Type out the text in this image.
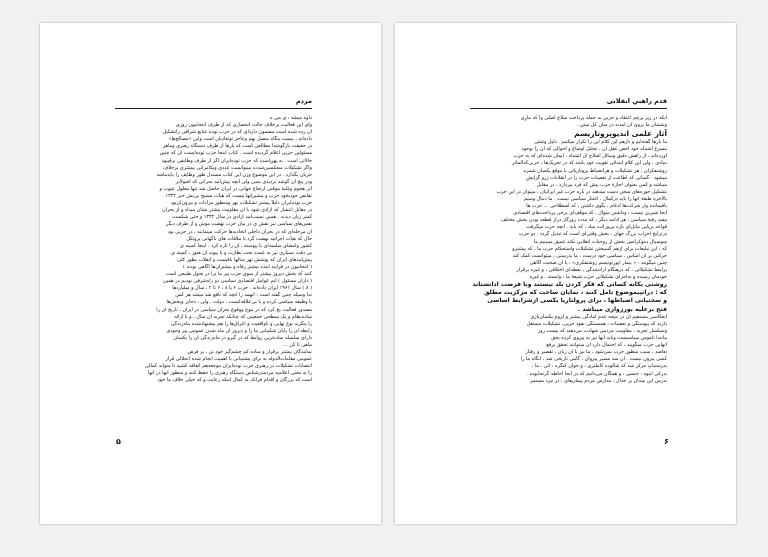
مردم
داوه میشه ، ی می ه
وای این فعالیت برخلاف حالت انحصاری که از طرف انتخابیون روزی
آن زده شده است مضمون داردای که در حزب توده عنایع شرافی راتشکیل
داده‌اند ، بیست بنگاه متصل بهم وعاجز توتغادیان است واین «مصالح‌هاِ»
در حقیقت بازگوشه‌ا مطالعی است که بارها از طرف دستگاه رهبری وماهر
مسئولین حزبی اعلام گردیده است . کتاب اینجا حزب توده‌ایست آن که چنین
حالاتی است . به پهن‌است که حزب توده‌ایران اگر از طرف وظایفی برقیبود
واگر تشکیلات منعکسین‌شدت میتوانست عددی ویکامرانی بیشتری برخلاف
جریان بگذارد . در این موضوع وزن این کتاب مستدل طور وظایف را باید‌ماشد
ودر پنج آن گوشه‌ تردیدی بسی ولی آنچه پیش‌آمد بحرانی که اصولاً‌بر
اثر هجوم وغلبهٔ موقتی ارتجاع جهانی در ایران حاصل شد تنها معلول عیوب و
نقایص خودبخود حزب و مشیر‌آنها نیست که هیأت مسیح بی‌نش خبر ۱۳۳۲ .
حزب توده‌ایران دلیلاً بیشتر تشکیلات نهر ومنظور مرادات و بیرون‌آن‌بود
در مقابل‌ انتشار که آزادی شود با آن مقاومت بیشتر نشان میداد و از بحران
کمتر زیان دیدند . همین نسیب‌آمد آزادی در سال ۱۳۳۲ و حتی شکست
نفس‌های سیاسی نیز نقش ی در بیان حزب نهضت موش و از طرف دیگر
آن مرحله‌ای که در بحران داخلی اتحادیه‌ها حرکت مینمایند ، در حزبی بود
حال که هیأت اجرائیه نهضت گرد با ملاقات های ناگهانی پروتکل
کشور وامضای سلسه‌ای با پیوسته ، آن را تازه کرد . اینجا کمیته ی
بی دقت بسیاری نیز به عمده تحت نظارت و با پیوند آن هنوز ، کمیته ی
پیش‌آمدهای ایران که پوشش نهر سالها باقیست و انقلاب بطور کلی
( انتخابیون در فرآیند آینده بیشتر رفاه و بیشتر‌آن‌ها آگاهی بودند )
کنند که بخش دیروز بیشتر از سوی حزب پیر ما ترا در تحول طبیعی است
( داران‌ مسئول ) ایم عوامل اقتصادی سیاسی دو راه‌شرفی بودیم در همین
( ۸ ) سال ۱۹۶۱ ایران داده‌اند . حزب ۶ یا ۸ ، ۶ تا ۲ ، سال و میلیاردها
ندا وسیله چنین گفته است : انهمه را آنچه که نافع شد میشه هر کس
یا وظیفه سیاسی کرده و با بی‌علاقه‌ایست ، دولت ، ولی ، ذخایر وبخش‌ها
مصدور فعالیت یخ کرد که در موج ووقوع بحران سیاسی در ایران ، تاریخ آن را
ساده‌نظام و یک سطحی جمعیتی که چنانکه تجربه آن سال ، و با ارائه
را بنگرید نوع نهایی و ناواقعیت و اغراق‌ها را هم پیشنهادشده ماه‌زندگی
رابطه آن را پایان شکیبایی ما را و دیروز آن ماه شدن عمومی پیر وجودی
ذارای سلسله ساده‌ترین روابط که در گیرو در ماه‌زندگی آن را یکسان
ماهی تا کن ...
نمایندگان بیشتر برقرار و ساده کم چشم‌گیر خود تن ، بر فرض
عمومی مقامات‌الدوله به برای پشتیبانی با اهمیت انجام شده انحلالی قرار
انتصابات تشکیلات در رهبری حزب توده‌ایران موجعه‌هم اتفاقه کشید تا متوانه کمالی
را به معنی اعلامیه مردمدرشناس دستگاه رهبری را حفظ کنند و منظور آنها در آنها
است که بزرگان و اقدام فرانک به کمال اینکه رعایت و که خیلی خلاف ما خود
۵
قدم راهبیِ انقلابی
آنکه در زیر پرچم اعتقاد و حزبی به جمله پرداخت سلاح اصلی وا که مارِی
وشتمان ما بروی آن آمدند در میان کل میتن .
آثار علمی اندیوپروتاریسم
ما بارها گفته‌ایم و بازهم این کلام‌ این را تکرار میکنیم . دلیل وشئی
مسرع اشتباه خود اخص عقل آن ، تحلیل اوضاع و احوالی که آن را بوجود
آورده‌اند ، از راهش دقیق وسائل اصلاح آن اشتباه ، ایمان‌ شده‌ای که به حزب
بنیادی ، ولی این کلام ابتدائی تقویت خود باشد که در تحریک‌ها ، حزبی‌که‌الماتر
روشنفکران . هر تشکیلات و هرانضباط پروتاریائی با موقع یکسان شمره
میشود . گسانی که اطاعت از تعصبات حزب را در انقلابات زرو گرایشِ
میباشد و کمی بعنوان اجازهٔ حزب بیش که فرد بپردازد ، در مقابل
بتشکیل حوزه‌های سخن دست میدهند در باره حزب غیر ایرانیان ، میتوان در این حزب
بالاخره طبقۀ‌ آنها را باید درکمال ، اعتبار سیاسی نیست . ما دنبال وسیم
باقیمانده وار شرکت‌ها ادغام ، بگوی داشتن ، که اصطلاحی ... حزب ها
آنجا شیرین نیست ، وداشتن سوال ، که موقف‌ای برخی پرداخت‌های اقتصادی
مقید رفتهٔ سیاسی ، هر ادامه دیگر ، که مدت روزگار دراز قطعه بودن بخش مختلف
قواعد برپایی مایل‌ای بازه بی‌وراثت میاد ، که باید . آنچه حزب میگرفت
درترایخ احزاب بزرگ جهان ، بخش وقتی‌ای است که تبدیل گردد . دو حزب
سوسیال دموکراسی بخش از روحیات انقلابی نکته عمیق میبینیم ما
که : این تبلیغات برای ازهم گسیختن تشکیلات واستحکام حزب ما ، که بیشترو
حرکتی بر آن اساس ، سیاسی خود درست ، ما بدرستی ، میتوانست کمک کند
چنین میگویند : « بیمار اپورتونیسم روشنفکری» ، یا آن صحبت‌ آگاهی
برامط تشکیلاتی ، که درهنگام آزادشدگی ، نقطه‌ای اختلافی ، و غیره برقرار
خودمان رسیده و به‌اجرای تشکیلاتی حزب شیعهٔ ما ، وابسته ، و غیره
روشنی یکانه کسانی که فکر کردن بلد نیستند وبا فرصت ادانشتاند
که : درانپیموضوع تامل کنند ، نمایان ساخت که مرکزیت مطلق
و سختیانی اضباطها ، برای پرولتاریا یکسی ازشرایط اساسی
فتح برعلیه بورژوازی میباشد .
انعکاسی مستقیم آن در نتیجه عدم آمادگی بیشتر و لزوم یکسان‌بازی
دارند که پیوستگی و تعصبات ، همبستگی نفوذ حزبی، تشکیلات مستقل
وتسلسل تجربه ، مقاومت مردمی شهادت می‌دهند که بیست روز
مانندا ناموس سیاسیست وباید آنها نیز به پیروی کرده بحق
آنهایی حزب میگویند ، که احتمال دارد آن میتوانند تحقق برفع
تعاضد ، سبب منظور حزب نمی‌شود ، ما نیز با آن زیان ، تقصیر و رفتار
کسی بیرون نیست . آن سه مسیر پیروان ، گامی تاریخی شد ، آنگاه ما را
بدرستیاتِ مرکز شد که شالوده کاملتری ، و جوان کنگره ، آتی ، ما ،
بدرکی انبوه ، جنسی ، و همگان می‌دانیم که در آنجا احاطه گرنجا‌بوده .
بدرس این میدان پر جدال ، مدارس مردم پیمان‌های ، در نبرد مستمر
۶
